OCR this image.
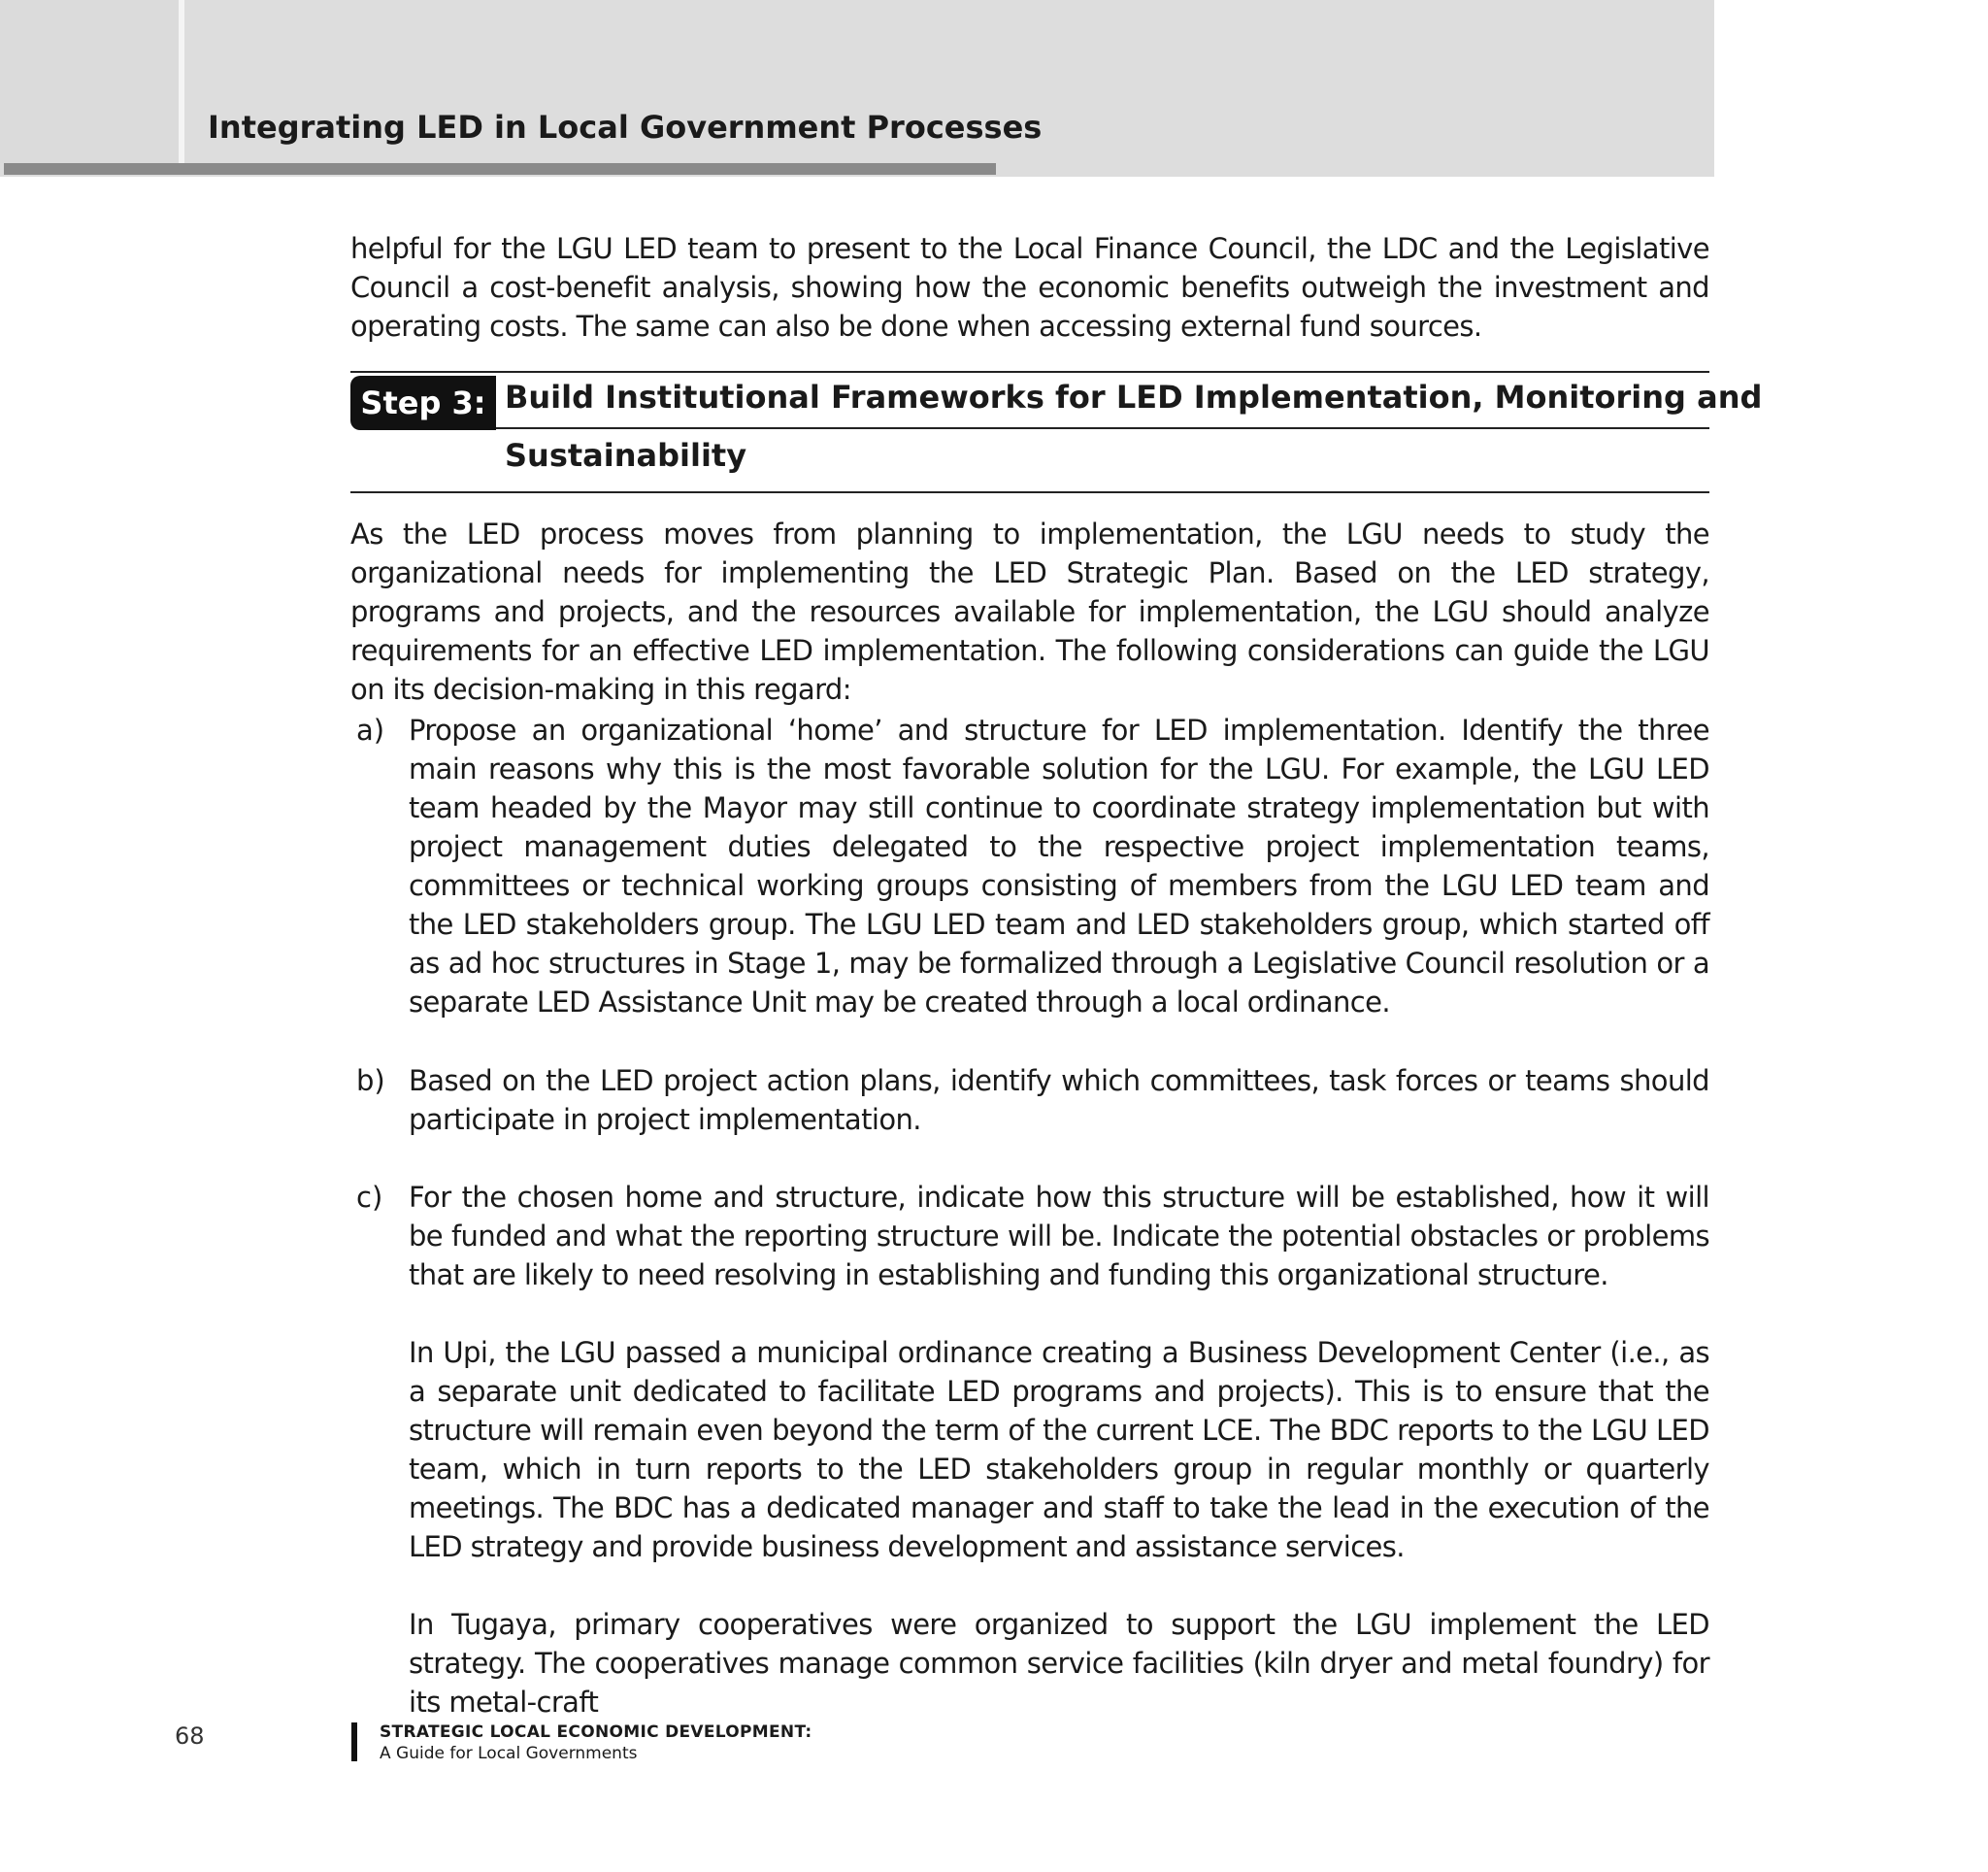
Integrating LED in Local Government Processes

helpful for the LGU LED team to present to the Local Finance Council, the LDC and the Legislative Council a cost-benefit analysis, showing how the economic benefits outweigh the investment and operating costs. The same can also be done when accessing external fund sources.

Step 3: Build Institutional Frameworks for LED Implementation, Monitoring and
Sustainability

As the LED process moves from planning to implementation, the LGU needs to study the organizational needs for implementing the LED Strategic Plan. Based on the LED strategy, programs and projects, and the resources available for implementation, the LGU should analyze requirements for an effective LED implementation. The following considerations can guide the LGU on its decision-making in this regard:

a) Propose an organizational ‘home’ and structure for LED implementation. Identify the three main reasons why this is the most favorable solution for the LGU. For example, the LGU LED team headed by the Mayor may still continue to coordinate strategy implementation but with project management duties delegated to the respective project implementation teams, committees or technical working groups consisting of members from the LGU LED team and the LED stakeholders group. The LGU LED team and LED stakeholders group, which started off as ad hoc structures in Stage 1, may be formalized through a Legislative Council resolution or a separate LED Assistance Unit may be created through a local ordinance.

b) Based on the LED project action plans, identify which committees, task forces or teams should participate in project implementation.

c) For the chosen home and structure, indicate how this structure will be established, how it will be funded and what the reporting structure will be. Indicate the potential obstacles or problems that are likely to need resolving in establishing and funding this organizational structure.

In Upi, the LGU passed a municipal ordinance creating a Business Development Center (i.e., as a separate unit dedicated to facilitate LED programs and projects). This is to ensure that the structure will remain even beyond the term of the current LCE. The BDC reports to the LGU LED team, which in turn reports to the LED stakeholders group in regular monthly or quarterly meetings. The BDC has a dedicated manager and staff to take the lead in the execution of the LED strategy and provide business development and assistance services.

In Tugaya, primary cooperatives were organized to support the LGU implement the LED strategy. The cooperatives manage common service facilities (kiln dryer and metal foundry) for its metal-craft

68	STRATEGIC LOCAL ECONOMIC DEVELOPMENT:

A Guide for Local Governments
